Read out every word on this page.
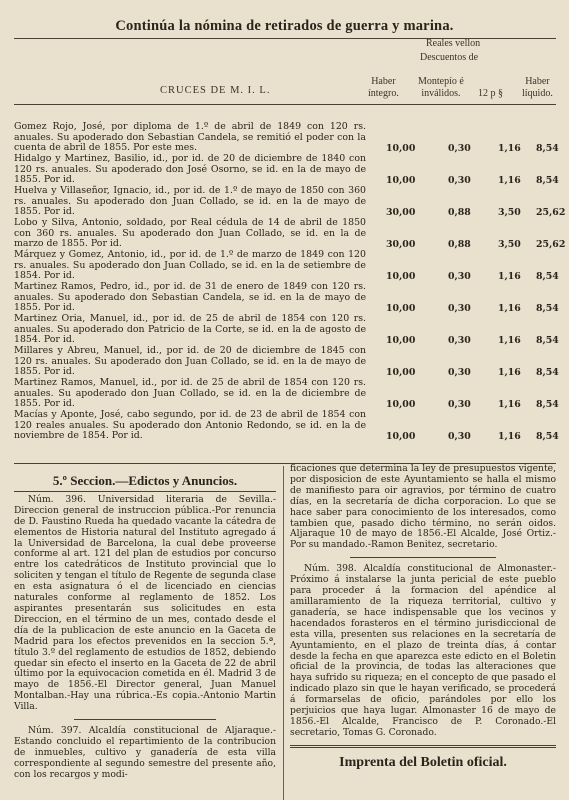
Continúa la nómina de retirados de guerra y marina.
Reales vellon
Descuentos de
CRUCES DE M. I. L.
Haber
íntegro.
Montepío é
inválidos.	12 p §
Haber
líquido.
Gomez Rojo, José, por diploma de 1.º de abril de 1849 con 120 rs. anuales. Su apoderado don Sebastian Candela, se remitió el poder con la cuenta de abril de 1855. Por este mes.	10,00	0,30	1,16 8,54
Hidalgo y Martinez, Basilio, id., por id. de 20 de diciembre de 1840 con 120 rs. anuales. Su apoderado don José Osorno, se id. en la de mayo de 1855. Por id.	10,00	0,30	1,16 8,54
Huelva y Villaseñor, Ignacio, id., por id. de 1.º de mayo de 1850 con 360 rs. anuales. Su apoderado don Juan Collado, se id. en la de mayo de 1855. Por id.	30,00	0,88	3,50 25,62
Lobo y Silva, Antonio, soldado, por Real cédula de 14 de abril de 1850 con 360 rs. anuales. Su apoderado don Juan Collado, se id. en la de marzo de 1855. Por id.	30,00	0,88	3,50 25,62
Márquez y Gomez, Antonio, id., por id. de 1.º de marzo de 1849 con 120 rs. anuales. Su apoderado don Juan Collado, se id. en la de setiembre de 1854. Por id.	10,00	0,30	1,16 8,54
Martinez Ramos, Pedro, id., por id. de 31 de enero de 1849 con 120 rs. anuales. Su apoderado don Sebastian Candela, se id. en la de mayo de 1855. Por id.	10,00	0,30	1,16 8,54
Martinez Oria, Manuel, id., por id. de 25 de abril de 1854 con 120 rs. anuales. Su apoderado don Patricio de la Corte, se id. en la de agosto de 1854. Por id.	10,00	0,30	1,16 8,54
Millares y Abreu, Manuel, id., por id. de 20 de diciembre de 1845 con 120 rs. anuales. Su apoderado don Juan Collado, se id. en la de mayo de 1855. Por id.	10,00	0,30	1,16 8,54
Martinez Ramos, Manuel, id., por id. de 25 de abril de 1854 con 120 rs. anuales. Su apoderado don Juan Collado, se id. en la de diciembre de 1855. Por id.	10,00	0,30	1,16 8,54
Macías y Aponte, José, cabo segundo, por id. de 23 de abril de 1854 con 120 reales anuales. Su apoderado don Antonio Redondo, se id. en la de noviembre de 1854. Por id.	10,00	0,30	1,16 8,54
5.º Seccion.—Edictos y Anuncios.

Núm. 396. Universidad literaria de Sevilla.-Direccion general de instruccion pública.-Por renuncia de D. Faustino Rueda ha quedado vacante la cátedra de elementos de Historia natural del Instituto agregado á la Universidad de Barcelona, la cual debe proveerse conforme al art. 121 del plan de estudios por concurso entre los catedráticos de Instituto provincial que lo soliciten y tengan el título de Regente de segunda clase en esta asignatura ó el de licenciado en ciencias naturales conforme al reglamento de 1852. Los aspirantes presentarán sus solicitudes en esta Direccion, en el término de un mes, contado desde el día de la publicacion de este anuncio en la Gaceta de Madrid para los efectos prevenidos en la seccion 5.ª, título 3.º del reglamento de estudios de 1852, debiendo quedar sin efecto el inserto en la Gaceta de 22 de abril último por la equivocacion cometida en él. Madrid 3 de mayo de 1856.-El Director general, Juan Manuel Montalban.-Hay una rúbrica.-Es copia.-Antonio Martin Villa.

Núm. 397. Alcaldía constitucional de Aljaraque.-Estando concluido el repartimiento de la contribucion de inmuebles, cultivo y ganadería de esta villa correspondiente al segundo semestre del presente año, con los recargos y modi-

ficaciones que determina la ley de presupuestos vigente, por disposicion de este Ayuntamiento se halla el mismo de manifiesto para oir agravios, por término de cuatro días, en la secretaría de dicha corporacion. Lo que se hace saber para conocimiento de los interesados, como tambien que, pasado dicho término, no serán oidos. Aljaraque 10 de mayo de 1856.-El Alcalde, José Ortiz.-Por su mandado.-Ramon Benitez, secretario.

Núm. 398. Alcaldía constitucional de Almonaster.-Próximo á instalarse la junta pericial de este pueblo para proceder á la formacion del apéndice al amillaramiento de la riqueza territorial, cultivo y ganadería, se hace indispensable que los vecinos y hacendados forasteros en el término jurisdiccional de esta villa, presenten sus relaciones en la secretaría de Ayuntamiento, en el plazo de treinta días, á contar desde la fecha en que aparezca este edicto en el Boletin oficial de la provincia, de todas las alteraciones que haya sufrido su riqueza; en el concepto de que pasado el indicado plazo sin que le hayan verificado, se procederá á formarselas de oficio, parándoles por ello los perjuicios que haya lugar. Almonaster 16 de mayo de 1856.-El Alcalde, Francisco de P. Coronado.-El secretario, Tomas G. Coronado.

Imprenta del Boletin oficial.
